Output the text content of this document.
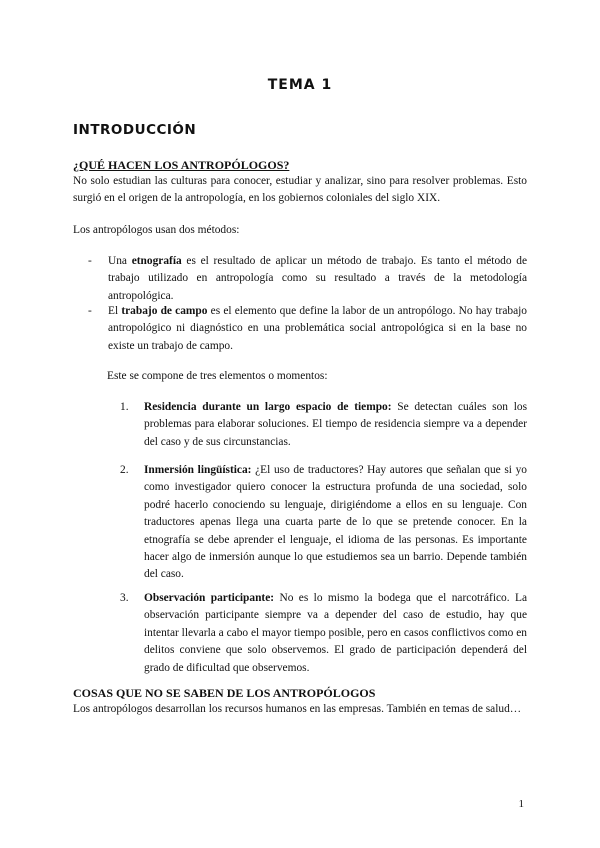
TEMA 1
INTRODUCCIÓN
¿QUÉ HACEN LOS ANTROPÓLOGOS?
No solo estudian las culturas para conocer, estudiar y analizar, sino para resolver problemas. Esto surgió en el origen de la antropología, en los gobiernos coloniales del siglo XIX.
Los antropólogos usan dos métodos:
-	Una etnografía es el resultado de aplicar un método de trabajo. Es tanto el método de trabajo utilizado en antropología como su resultado a través de la metodología antropológica.
-	El trabajo de campo es el elemento que define la labor de un antropólogo. No hay trabajo antropológico ni diagnóstico en una problemática social antropológica si en la base no existe un trabajo de campo.
Este se compone de tres elementos o momentos:
1.	Residencia durante un largo espacio de tiempo: Se detectan cuáles son los problemas para elaborar soluciones. El tiempo de residencia siempre va a depender del caso y de sus circunstancias.
2.	Inmersión lingüística: ¿El uso de traductores? Hay autores que señalan que si yo como investigador quiero conocer la estructura profunda de una sociedad, solo podré hacerlo conociendo su lenguaje, dirigiéndome a ellos en su lenguaje. Con traductores apenas llega una cuarta parte de lo que se pretende conocer. En la etnografía se debe aprender el lenguaje, el idioma de las personas. Es importante hacer algo de inmersión aunque lo que estudiemos sea un barrio. Depende también del caso.
3.	Observación participante: No es lo mismo la bodega que el narcotráfico. La observación participante siempre va a depender del caso de estudio, hay que intentar llevarla a cabo el mayor tiempo posible, pero en casos conflictivos como en delitos conviene que solo observemos. El grado de participación dependerá del grado de dificultad que observemos.
COSAS QUE NO SE SABEN DE LOS ANTROPÓLOGOS
Los antropólogos desarrollan los recursos humanos en las empresas. También en temas de salud…
1
